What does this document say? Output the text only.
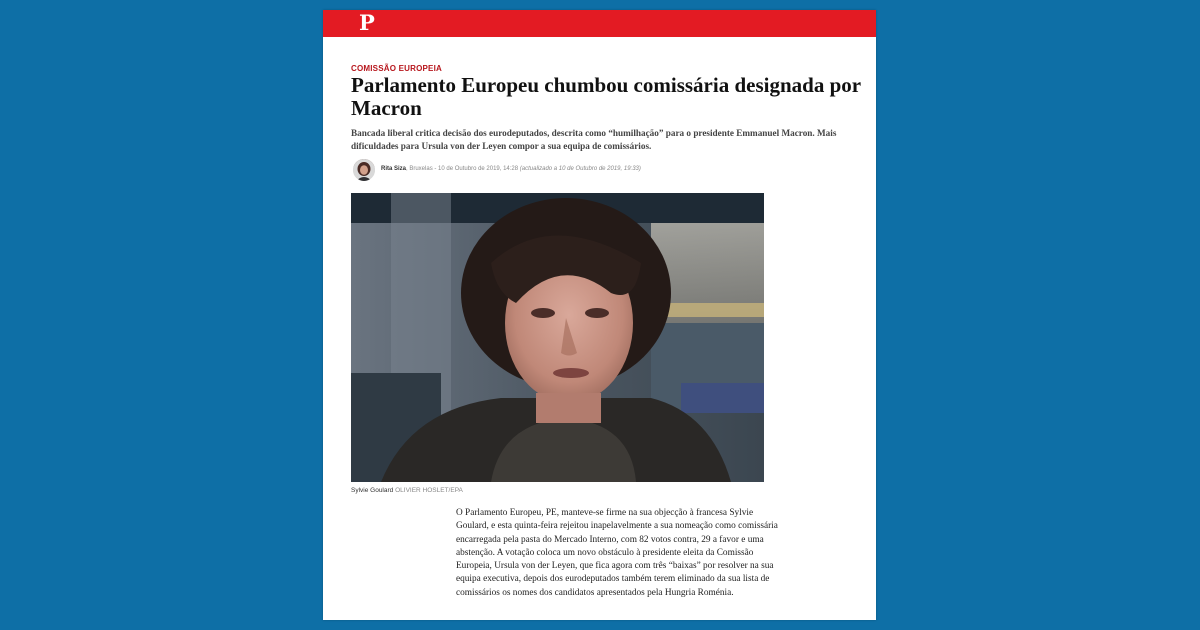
P
COMISSÃO EUROPEIA
Parlamento Europeu chumbou comissária designada por Macron

Bancada liberal critica decisão dos eurodeputados, descrita como “humilhação” para o presidente Emmanuel Macron. Mais dificuldades para Ursula von der Leyen compor a sua equipa de comissários.

Rita Siza, Bruxelas - 10 de Outubro de 2019, 14:28 (actualizado a 10 de Outubro de 2019, 19:33)
Sylvie Goulard OLIVIER HOSLET/EPA

O Parlamento Europeu, PE, manteve-se firme na sua objecção à francesa Sylvie Goulard, e esta quinta-feira rejeitou inapelavelmente a sua nomeação como comissária encarregada pela pasta do Mercado Interno, com 82 votos contra, 29 a favor e uma abstenção. A votação coloca um novo obstáculo à presidente eleita da Comissão Europeia, Ursula von der Leyen, que fica agora com três “baixas” por resolver na sua equipa executiva, depois dos eurodeputados também terem eliminado da sua lista de comissários os nomes dos candidatos apresentados pela Hungria Roménia.
